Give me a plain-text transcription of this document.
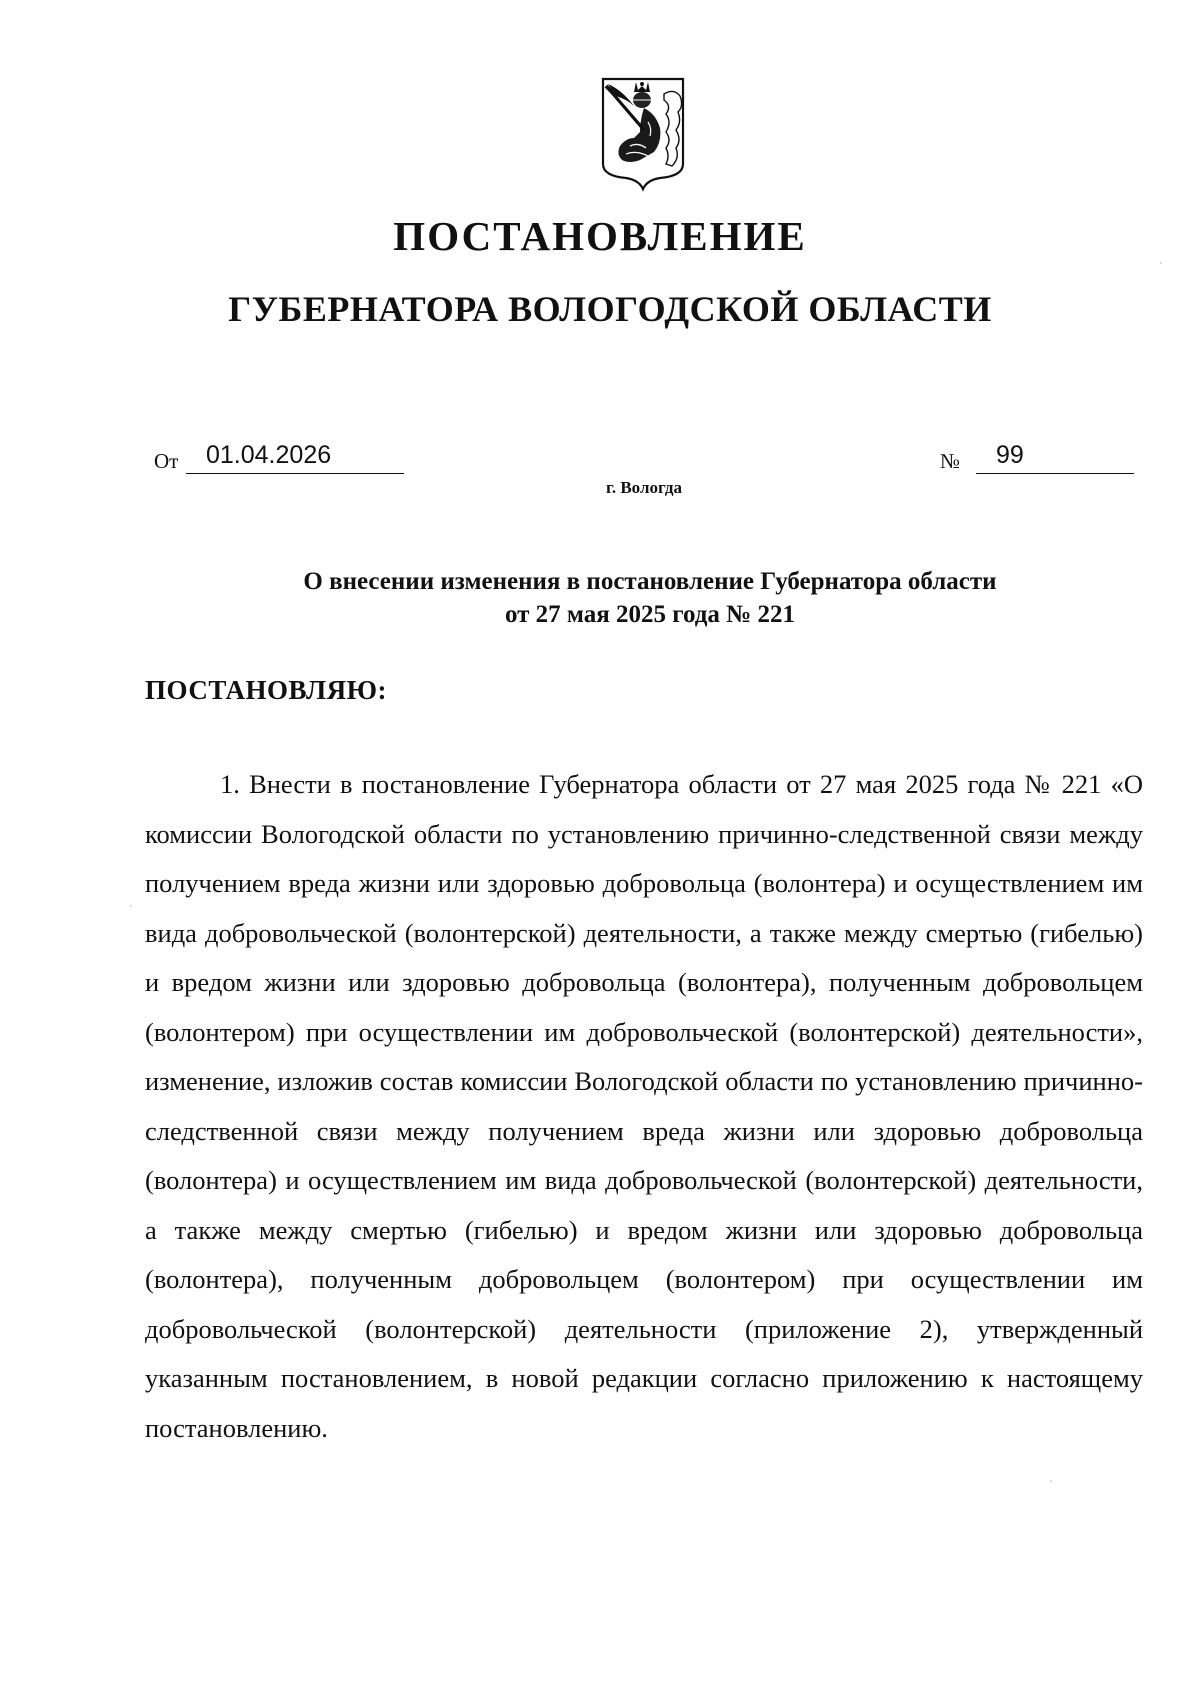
ПОСТАНОВЛЕНИЕ
ГУБЕРНАТОРА ВОЛОГОДСКОЙ ОБЛАСТИ
От	01.04.2026	№	99
г. Вологда
О внесении изменения в постановление Губернатора области
от 27 мая 2025 года № 221
ПОСТАНОВЛЯЮ:
1. Внести в постановление Губернатора области от 27 мая 2025 года № 221 «О комиссии Вологодской области по установлению причинно-следственной связи между получением вреда жизни или здоровью добровольца (волонтера) и осуществлением им вида добровольческой (волонтерской) деятельности, а также между смертью (гибелью) и вредом жизни или здоровью добровольца (волонтера), полученным добровольцем (волонтером) при осуществлении им добровольческой (волонтерской) деятельности», изменение, изложив состав комиссии Вологодской области по установлению причинно-следственной связи между получением вреда жизни или здоровью добровольца (волонтера) и осуществлением им вида добровольческой (волонтерской) деятельности, а также между смертью (гибелью) и вредом жизни или здоровью добровольца (волонтера), полученным добровольцем (волонтером) при осуществлении им добровольческой (волонтерской) деятельности (приложение 2), утвержденный указанным постановлением, в новой редакции согласно приложению к настоящему постановлению.
